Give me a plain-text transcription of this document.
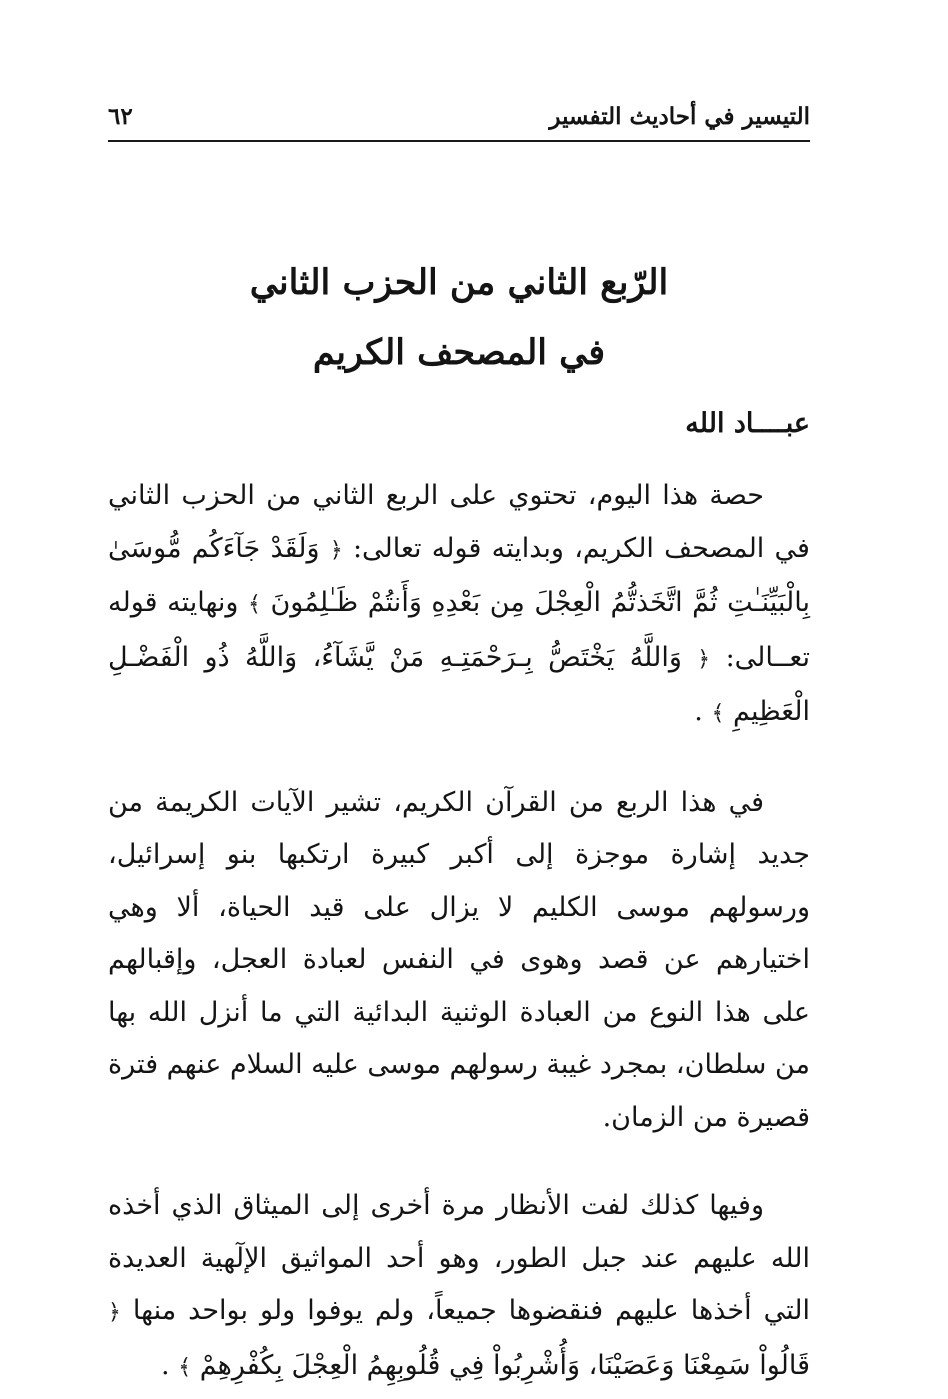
التيسير في أحاديث التفسير
٦٢
الرّبع الثاني من الحزب الثاني
في المصحف الكريم
عبــــاد الله

حصة هذا اليوم، تحتوي على الربع الثاني من الحزب الثاني في المصحف الكريم، وبدايته قوله تعالى: ﴿ وَلَقَدْ جَآءَكُم مُّوسَىٰ بِالْبَيِّنَـٰتِ ثُمَّ اتَّخَذتُّمُ الْعِجْلَ مِن بَعْدِهِ وَأَنتُمْ ظَـٰلِمُونَ ﴾ ونهايته قوله تعــالى: ﴿ وَاللَّهُ يَخْتَصُّ بِـرَحْمَتِـهِ مَنْ يَّشَآءُ، وَاللَّهُ ذُو الْفَضْـلِ الْعَظِيمِ ﴾ .

في هذا الربع من القرآن الكريم، تشير الآيات الكريمة من جديد إشارة موجزة إلى أكبر كبيرة ارتكبها بنو إسرائيل، ورسولهم موسى الكليم لا يزال على قيد الحياة، ألا وهي اختيارهم عن قصد وهوى في النفس لعبادة العجل، وإقبالهم على هذا النوع من العبادة الوثنية البدائية التي ما أنزل الله بها من سلطان، بمجرد غيبة رسولهم موسى عليه السلام عنهم فترة قصيرة من الزمان.

وفيها كذلك لفت الأنظار مرة أخرى إلى الميثاق الذي أخذه الله عليهم عند جبل الطور، وهو أحد المواثيق الإلٓهية العديدة التي أخذها عليهم فنقضوها جميعاً، ولم يوفوا ولو بواحد منها ﴿ قَالُواْ سَمِعْنَا وَعَصَيْنَا، وَأُشْرِبُواْ فِي قُلُوبِهِمُ الْعِجْلَ بِكُفْرِهِمْ ﴾ .
